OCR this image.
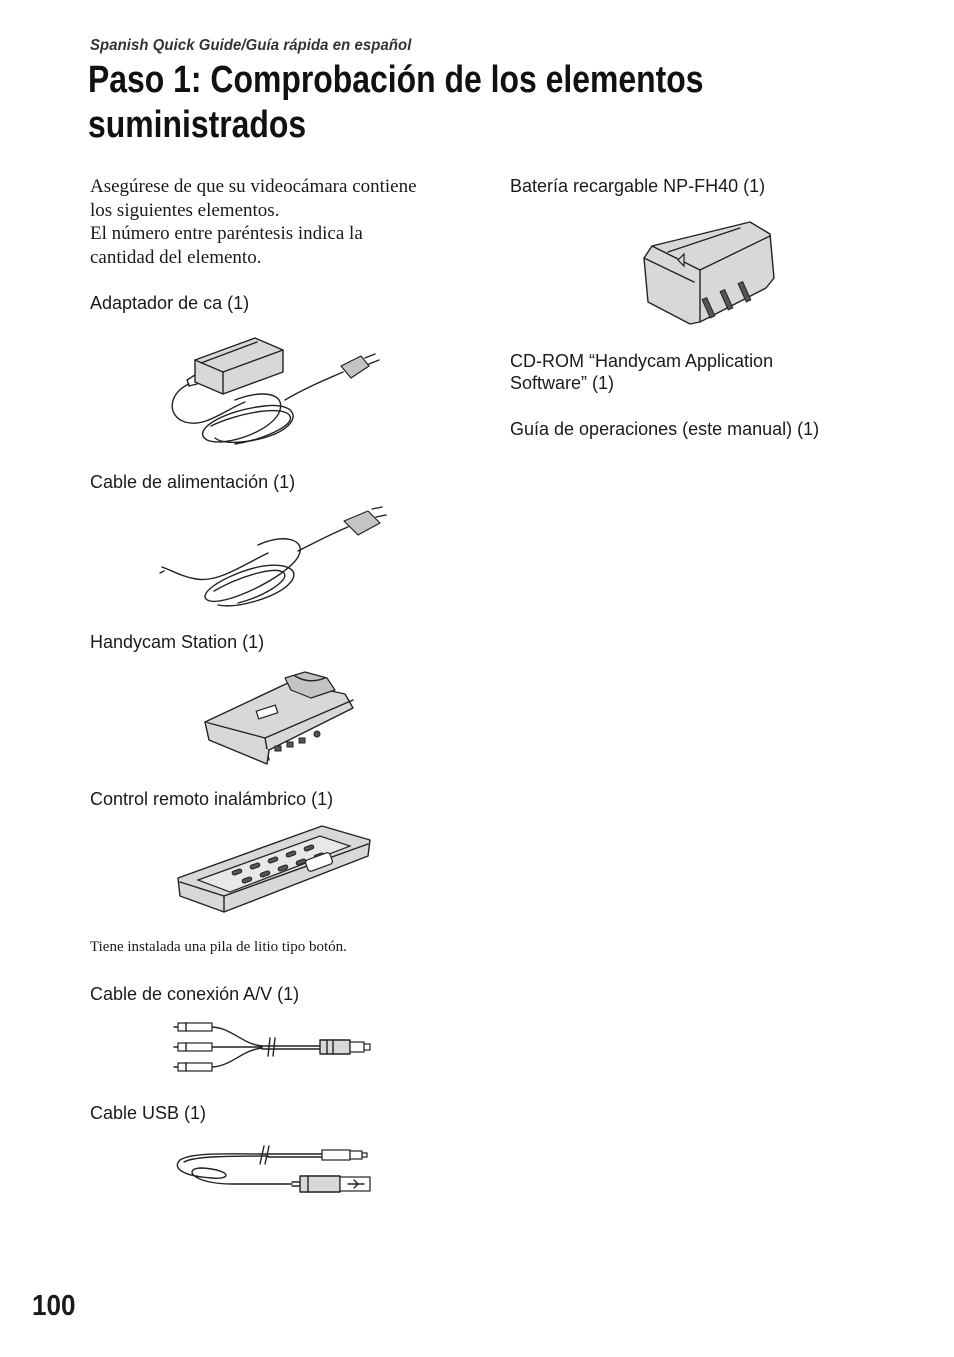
Spanish Quick Guide/Guía rápida en español
Paso 1: Comprobación de los elementos
suministrados
Asegúrese de que su videocámara contiene
los siguientes elementos.
El número entre paréntesis indica la
cantidad del elemento.
Adaptador de ca (1)
Cable de alimentación (1)
Handycam Station (1)
Control remoto inalámbrico (1)
Tiene instalada una pila de litio tipo botón.
Cable de conexión A/V (1)
Cable USB (1)
Batería recargable NP-FH40 (1)
CD-ROM “Handycam Application
Software” (1)
Guía de operaciones (este manual) (1)
100
